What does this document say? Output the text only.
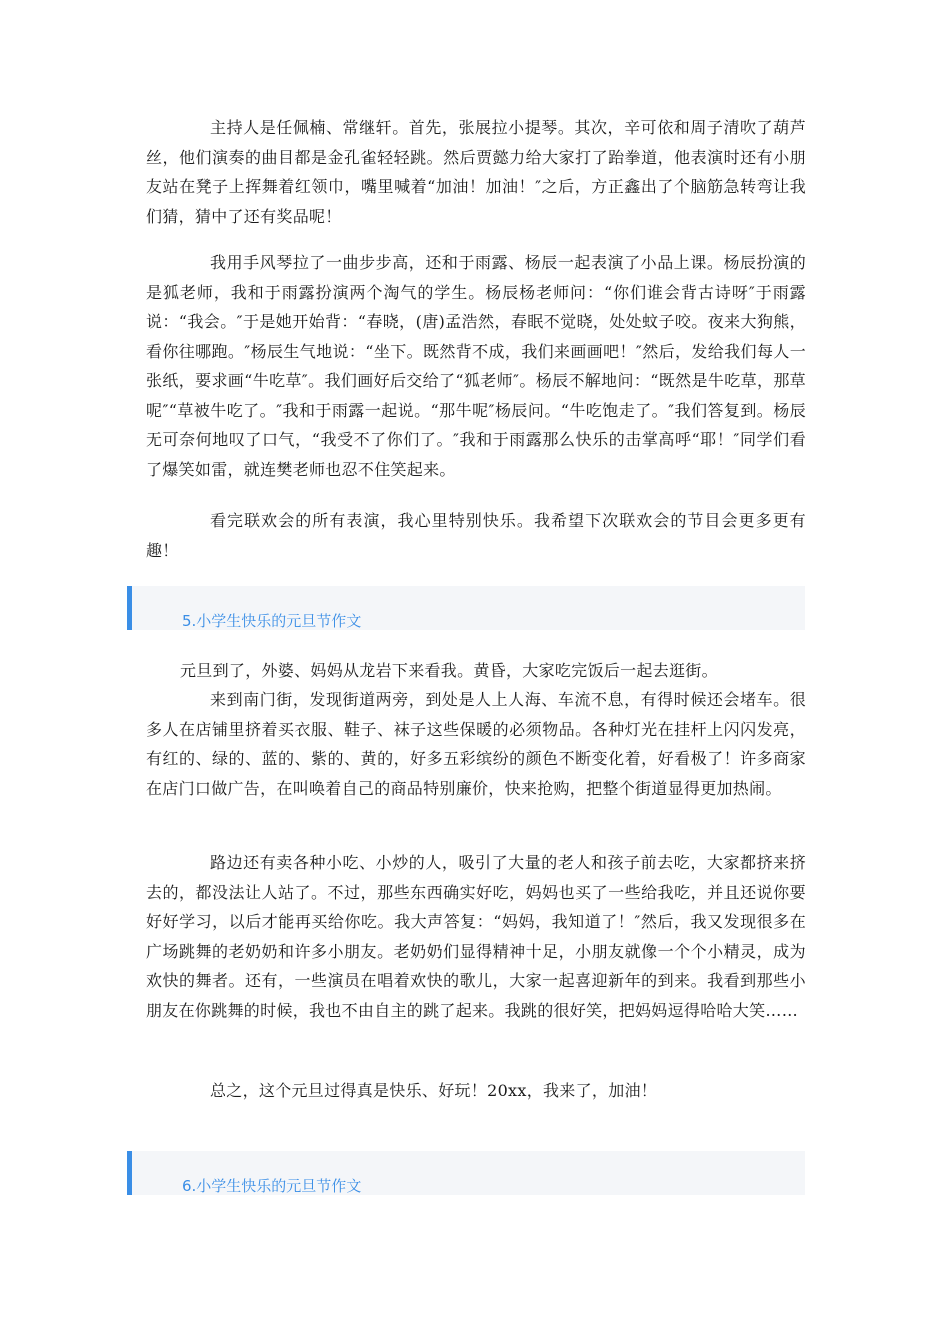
主持人是任佩楠、常继轩。首先，张展拉小提琴。其次，辛可依和周子清吹了葫芦丝，他们演奏的曲目都是金孔雀轻轻跳。然后贾懿力给大家打了跆拳道，他表演时还有小朋友站在凳子上挥舞着红领巾，嘴里喊着“加油！加油！″之后，方正鑫出了个脑筋急转弯让我们猜，猜中了还有奖品呢！

我用手风琴拉了一曲步步高，还和于雨露、杨辰一起表演了小品上课。杨辰扮演的是狐老师，我和于雨露扮演两个淘气的学生。杨辰杨老师问：“你们谁会背古诗呀″于雨露说：“我会。″于是她开始背：“春晓，(唐)孟浩然，春眠不觉晓，处处蚊子咬。夜来大狗熊，看你往哪跑。″杨辰生气地说：“坐下。既然背不成，我们来画画吧！″然后，发给我们每人一张纸，要求画“牛吃草″。我们画好后交给了“狐老师″。杨辰不解地问：“既然是牛吃草，那草呢″“草被牛吃了。″我和于雨露一起说。“那牛呢″杨辰问。“牛吃饱走了。″我们答复到。杨辰无可奈何地叹了口气，“我受不了你们了。″我和于雨露那么快乐的击掌高呼“耶！″同学们看了爆笑如雷，就连樊老师也忍不住笑起来。

看完联欢会的所有表演，我心里特别快乐。我希望下次联欢会的节目会更多更有趣！

5.小学生快乐的元旦节作文

元旦到了，外婆、妈妈从龙岩下来看我。黄昏，大家吃完饭后一起去逛街。

来到南门街，发现街道两旁，到处是人上人海、车流不息，有得时候还会堵车。很多人在店铺里挤着买衣服、鞋子、袜子这些保暖的必须物品。各种灯光在挂杆上闪闪发亮，有红的、绿的、蓝的、紫的、黄的，好多五彩缤纷的颜色不断变化着，好看极了！许多商家在店门口做广告，在叫唤着自己的商品特别廉价，快来抢购，把整个街道显得更加热闹。

路边还有卖各种小吃、小炒的人，吸引了大量的老人和孩子前去吃，大家都挤来挤去的，都没法让人站了。不过，那些东西确实好吃，妈妈也买了一些给我吃，并且还说你要好好学习，以后才能再买给你吃。我大声答复：“妈妈，我知道了！″然后，我又发现很多在广场跳舞的老奶奶和许多小朋友。老奶奶们显得精神十足，小朋友就像一个个小精灵，成为欢快的舞者。还有，一些演员在唱着欢快的歌儿，大家一起喜迎新年的到来。我看到那些小朋友在你跳舞的时候，我也不由自主的跳了起来。我跳的很好笑，把妈妈逗得哈哈大笑……

总之，这个元旦过得真是快乐、好玩！20xx，我来了，加油！

6.小学生快乐的元旦节作文
